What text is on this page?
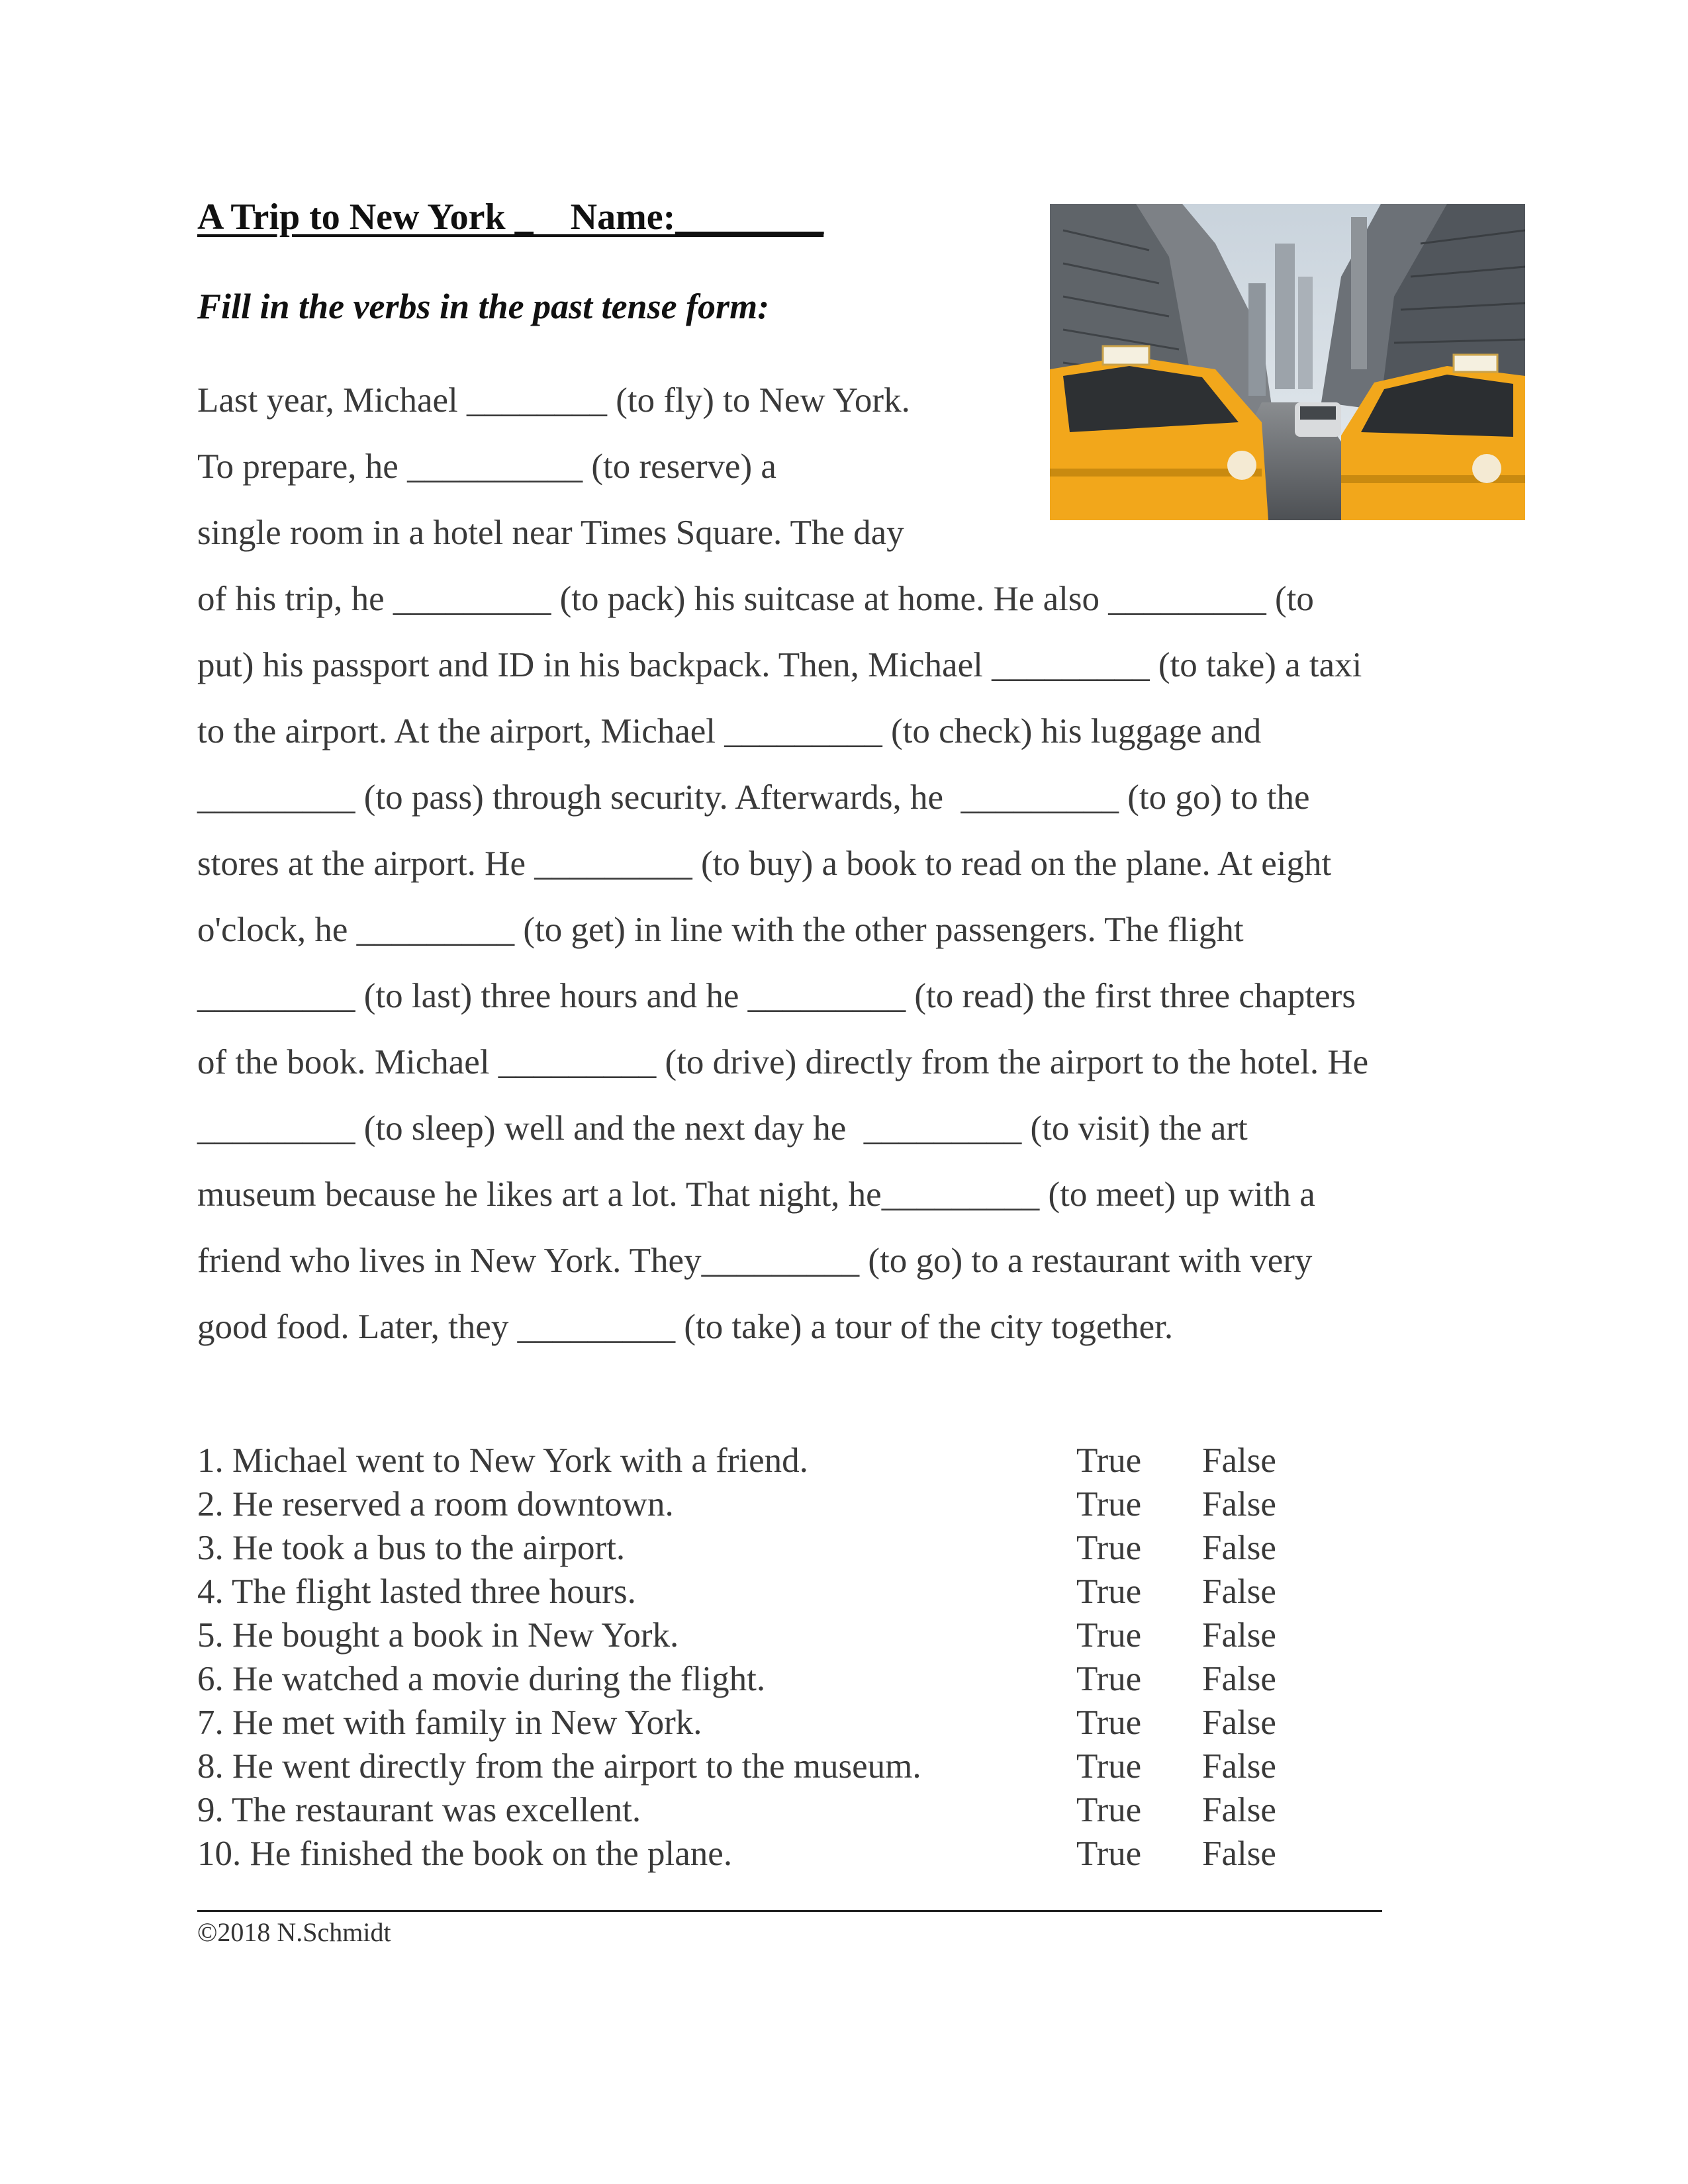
A Trip to New York _    Name:________
Fill in the verbs in the past tense form:
Last year, Michael ________ (to fly) to New York.
To prepare, he __________ (to reserve) a
single room in a hotel near Times Square. The day
of his trip, he _________ (to pack) his suitcase at home. He also _________ (to
put) his passport and ID in his backpack. Then, Michael _________ (to take) a taxi
to the airport. At the airport, Michael _________ (to check) his luggage and
_________ (to pass) through security. Afterwards, he  _________ (to go) to the
stores at the airport. He _________ (to buy) a book to read on the plane. At eight
o'clock, he _________ (to get) in line with the other passengers. The flight
_________ (to last) three hours and he _________ (to read) the first three chapters
of the book. Michael _________ (to drive) directly from the airport to the hotel. He
_________ (to sleep) well and the next day he  _________ (to visit) the art
museum because he likes art a lot. That night, he_________ (to meet) up with a
friend who lives in New York. They_________ (to go) to a restaurant with very
good food. Later, they _________ (to take) a tour of the city together.
1. Michael went to New York with a friend.	True False
2. He reserved a room downtown.	True False
3. He took a bus to the airport.	True False
4. The flight lasted three hours.	True False
5. He bought a book in New York.	True False
6. He watched a movie during the flight.	True False
7. He met with family in New York.	True False
8. He went directly from the airport to the museum.	True False
9. The restaurant was excellent.	True False
10. He finished the book on the plane.	True False

©2018 N.Schmidt
